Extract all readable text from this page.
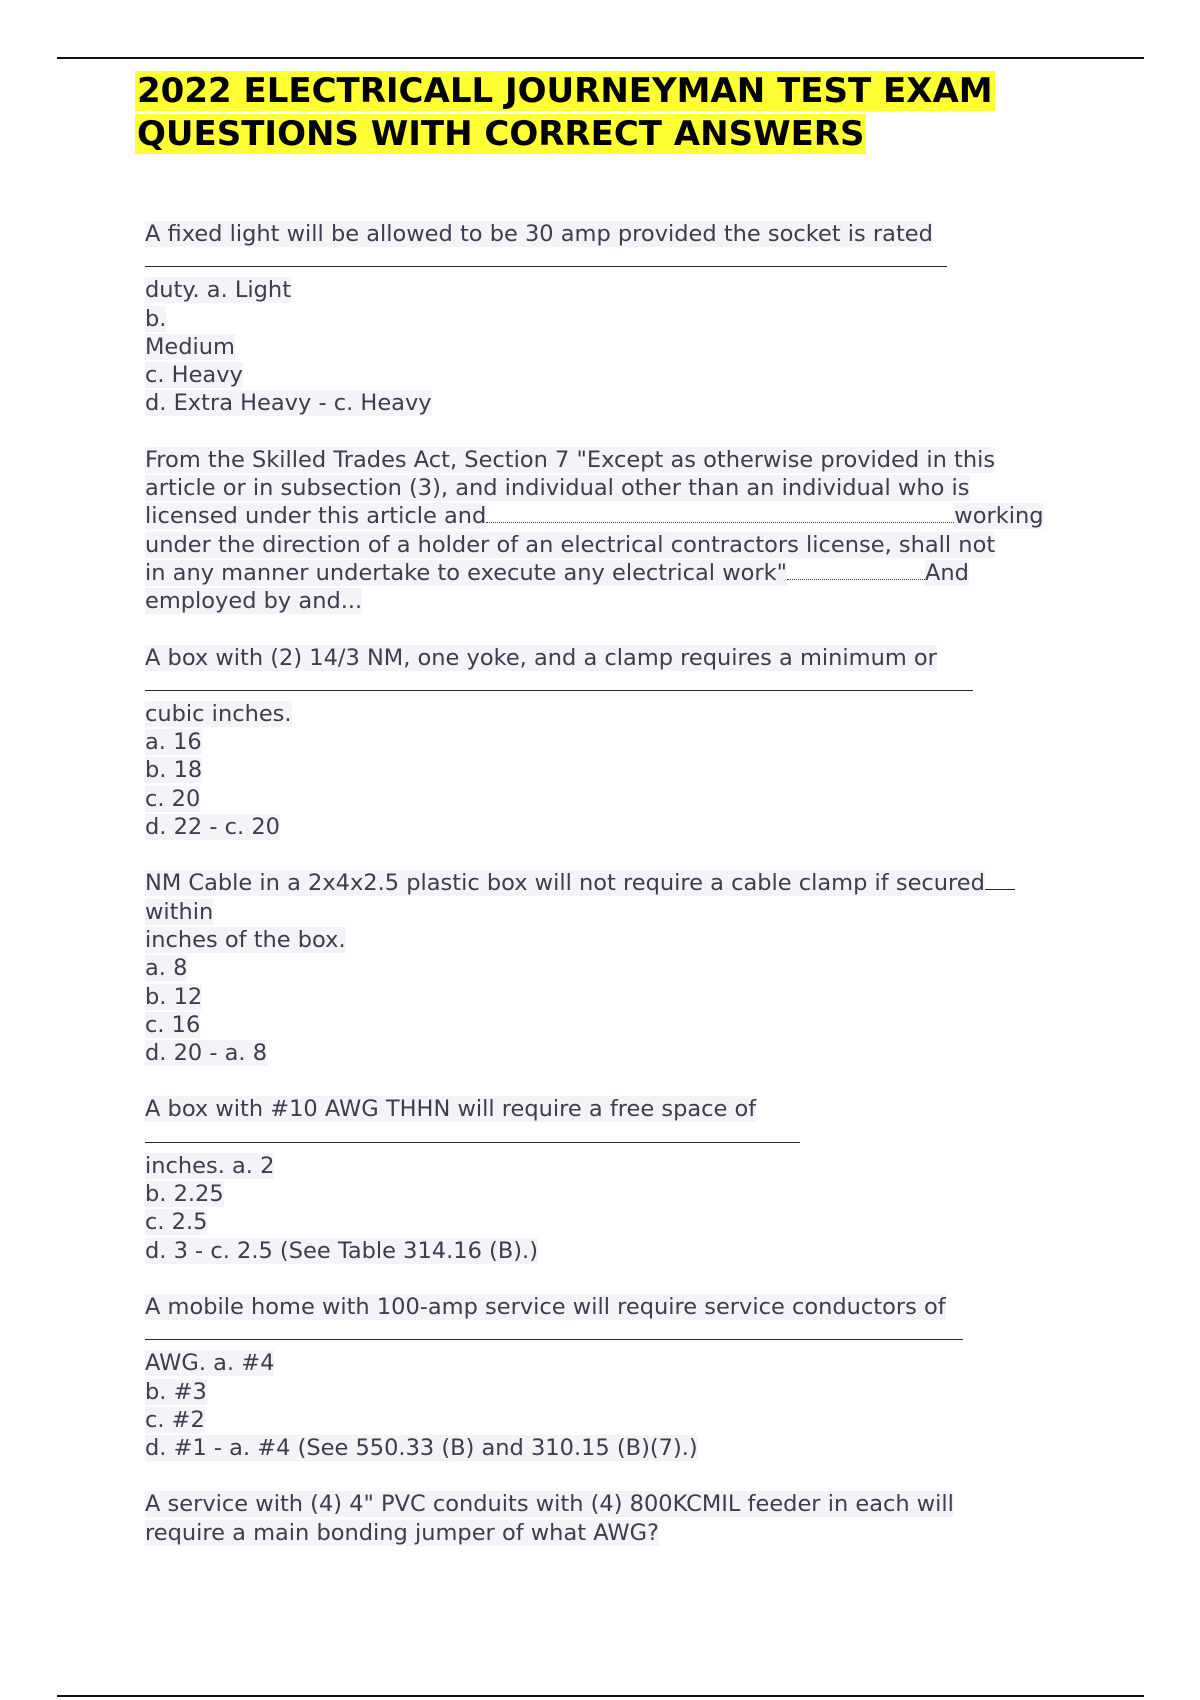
2022 ELECTRICALL JOURNEYMAN TEST EXAM
QUESTIONS WITH CORRECT ANSWERS
A fixed light will be allowed to be 30 amp provided the socket is rated
duty. a. Light
b.
Medium
c. Heavy
d. Extra Heavy - c. Heavy
From the Skilled Trades Act, Section 7 "Except as otherwise provided in this
article or in subsection (3), and individual other than an individual who is
licensed under this article and	working
under the direction of a holder of an electrical contractors license, shall not
in any manner undertake to execute any electrical work"	And
employed by and...
A box with (2) 14/3 NM, one yoke, and a clamp requires a minimum or
cubic inches.
a. 16
b. 18
c. 20
d. 22 - c. 20
NM Cable in a 2x4x2.5 plastic box will not require a cable clamp if secured
within
inches of the box.
a. 8
b. 12
c. 16
d. 20 - a. 8
A box with #10 AWG THHN will require a free space of
inches. a. 2
b. 2.25
c. 2.5
d. 3 - c. 2.5 (See Table 314.16 (B).)
A mobile home with 100-amp service will require service conductors of
AWG. a. #4
b. #3
c. #2
d. #1 - a. #4 (See 550.33 (B) and 310.15 (B)(7).)
A service with (4) 4" PVC conduits with (4) 800KCMIL feeder in each will
require a main bonding jumper of what AWG?
